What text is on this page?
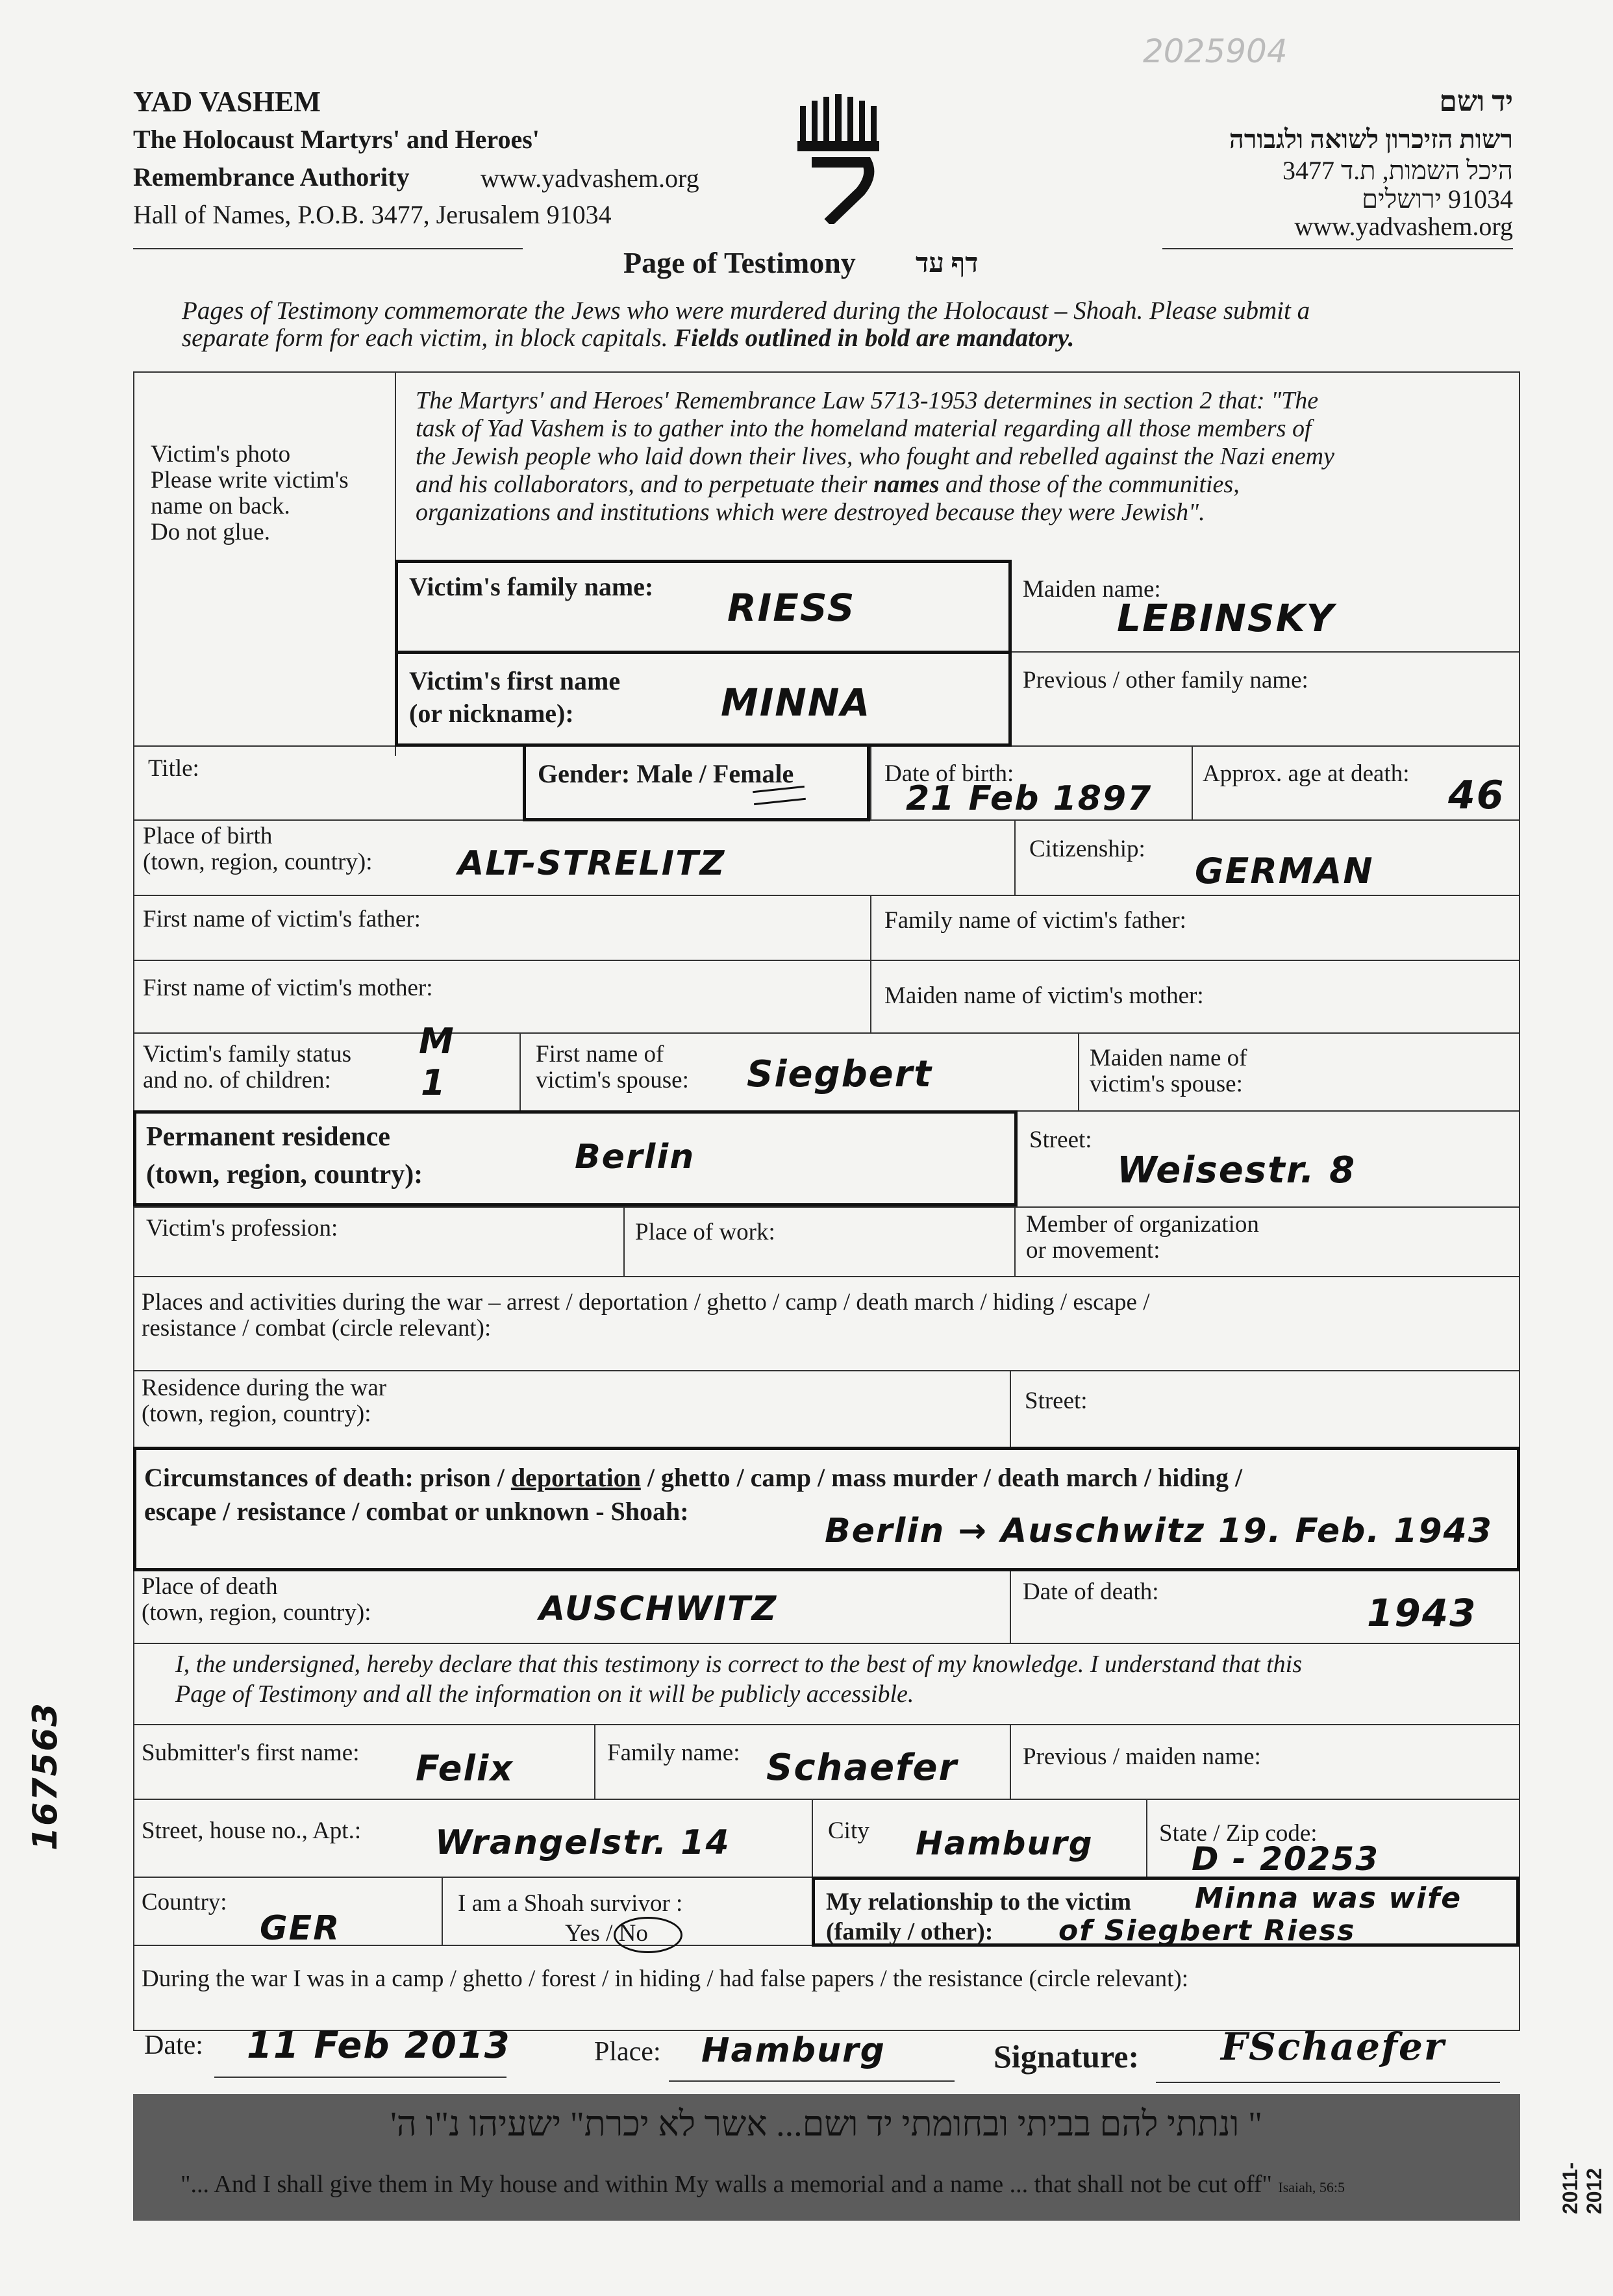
2025904
YAD VASHEM
The Holocaust Martyrs' and Heroes'
Remembrance Authority	www.yadvashem.org
Hall of Names, P.O.B. 3477, Jerusalem 91034
יד ושם
רשות הזיכרון לשואה ולגבורה
היכל השמות, ת.ד 3477
91034 ירושלים
www.yadvashem.org
Page of Testimony דף עד
Pages of Testimony commemorate the Jews who were murdered during the Holocaust – Shoah. Please submit a
separate form for each victim, in block capitals. Fields outlined in bold are mandatory.
Victim's photo
Please write victim's
name on back.
Do not glue.
The Martyrs' and Heroes' Remembrance Law 5713-1953 determines in section 2 that: "The
task of Yad Vashem is to gather into the homeland material regarding all those members of
the Jewish people who laid down their lives, who fought and rebelled against the Nazi enemy
and his collaborators, and to perpetuate their names and those of the communities,
organizations and institutions which were destroyed because they were Jewish".
Victim's family name: RIESS	Maiden name:
LEBINSKY
Victim's first name
(or nickname):	MINNA
Previous / other family name:
Title:	Gender: Male / Female	Date of birth:
21 Feb 1897
Approx. age at death: 46
Place of birth
(town, region, country):	ALT-STRELITZ	Citizenship:
GERMAN
First name of victim's father:	Family name of victim's father:
First name of victim's mother:	Maiden name of victim's mother:
Victim's family status
and no. of children:
M
1
First name of
victim's spouse: Siegbert	Maiden name of
victim's spouse:
Permanent residence
(town, region, country):	Berlin	Street:
Weisestr. 8
Victim's profession:	Place of work:	Member of organization
or movement:
Places and activities during the war – arrest / deportation / ghetto / camp / death march / hiding / escape /
resistance / combat (circle relevant):
Residence during the war
(town, region, country):	Street:
Circumstances of death: prison / deportation / ghetto / camp / mass murder / death march / hiding /
escape / resistance / combat or unknown - Shoah:
Berlin → Auschwitz 19. Feb. 1943
Place of death
(town, region, country):	AUSCHWITZ	Date of death:	1943
I, the undersigned, hereby declare that this testimony is correct to the best of my knowledge. I understand that this
Page of Testimony and all the information on it will be publicly accessible.
Submitter's first name: Felix	Family name: Schaefer	Previous / maiden name:
Street, house no., Apt.: Wrangelstr. 14	City Hamburg	State / Zip code:
D - 20253
Country:
GER
I am a Shoah survivor :
Yes / No
My relationship to the victim
(family / other):
Minna was wife
of Siegbert Riess
During the war I was in a camp / ghetto / forest / in hiding / had false papers / the resistance (circle relevant):
167563
Date: 11 Feb 2013	Place: Hamburg	Signature: FSchaefer
" ונתתי להם בביתי ובחומתי יד ושם... אשר לא יכרת" ישעיהו נ"ו ה'
"... And I shall give them in My house and within My walls a memorial and a name ... that shall not be cut off" Isaiah, 56:5	2011-2012
